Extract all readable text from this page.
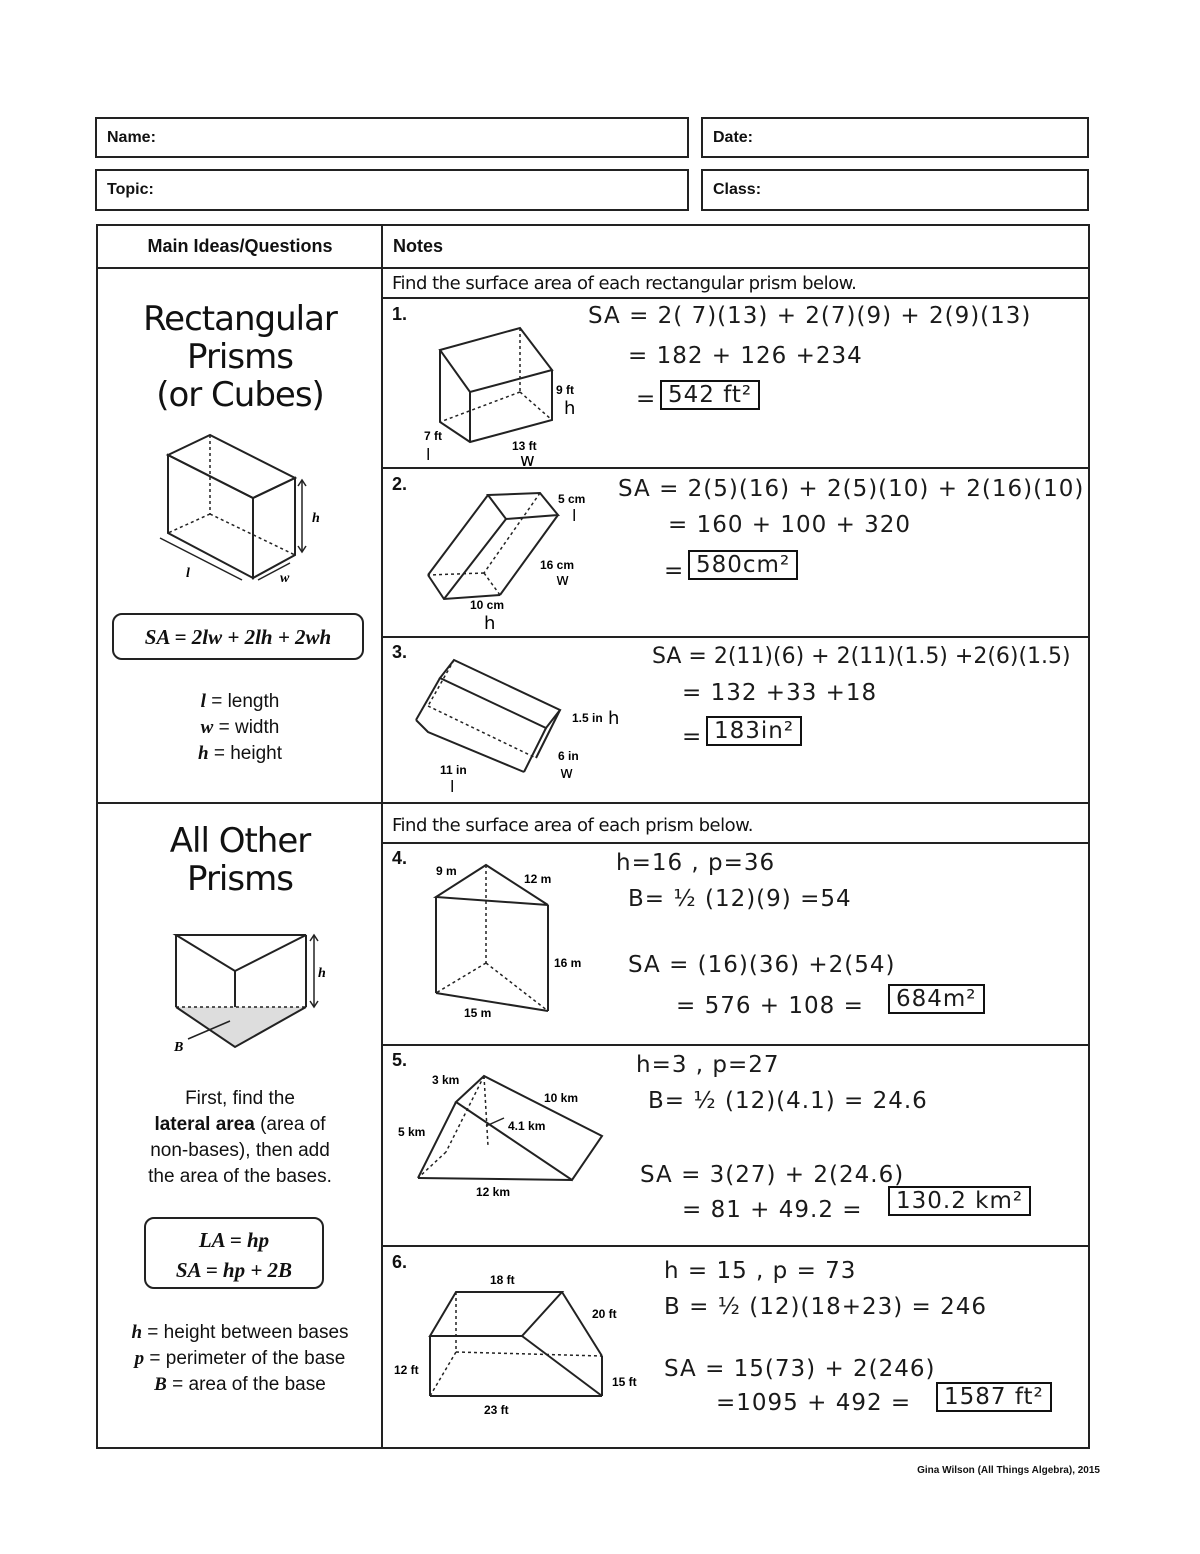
Name:	Date:
Topic:	Class:
Main Ideas/Questions	Notes
Rectangular
Prisms
(or Cubes)
h
l	w
SA = 2lw + 2lh + 2wh
l = length
w = width
h = height
All Other
Prisms
h
B
First, find the
lateral area (area of
non-bases), then add
the area of the bases.
LA = hp
SA = hp + 2B
h = height between bases
p = perimeter of the base
B = area of the base
Find the surface area of each rectangular prism below.
Find the surface area of each prism below.
1.
9 ft
7 ft
13 ft
h
l	w
SA = 2( 7)(13) + 2(7)(9) + 2(9)(13)
= 182 + 126 +234
= 542 ft²
2.
5 cm
16 cm
10 cm
l
w
h
SA = 2(5)(16) + 2(5)(10) + 2(16)(10)
= 160 + 100 + 320
= 580cm²
3.
1.5 in
6 in
11 in
h
w
l
SA = 2(11)(6) + 2(11)(1.5) +2(6)(1.5)
= 132 +33 +18
= 183in²
4.
9 m
12 m
16 m
15 m
h=16 , p=36
B= ½ (12)(9) =54
SA = (16)(36) +2(54)
= 576 + 108 =	684m²
5.
3 km
10 km
5 km	4.1 km
12 km
h=3 , p=27
B= ½ (12)(4.1) = 24.6
SA = 3(27) + 2(24.6)
= 81 + 49.2 =	130.2 km²
6.
18 ft
20 ft
12 ft
15 ft
23 ft
h = 15 , p = 73
B = ½ (12)(18+23) = 246
SA = 15(73) + 2(246)
=1095 + 492 =	1587 ft²
Gina Wilson (All Things Algebra), 2015
